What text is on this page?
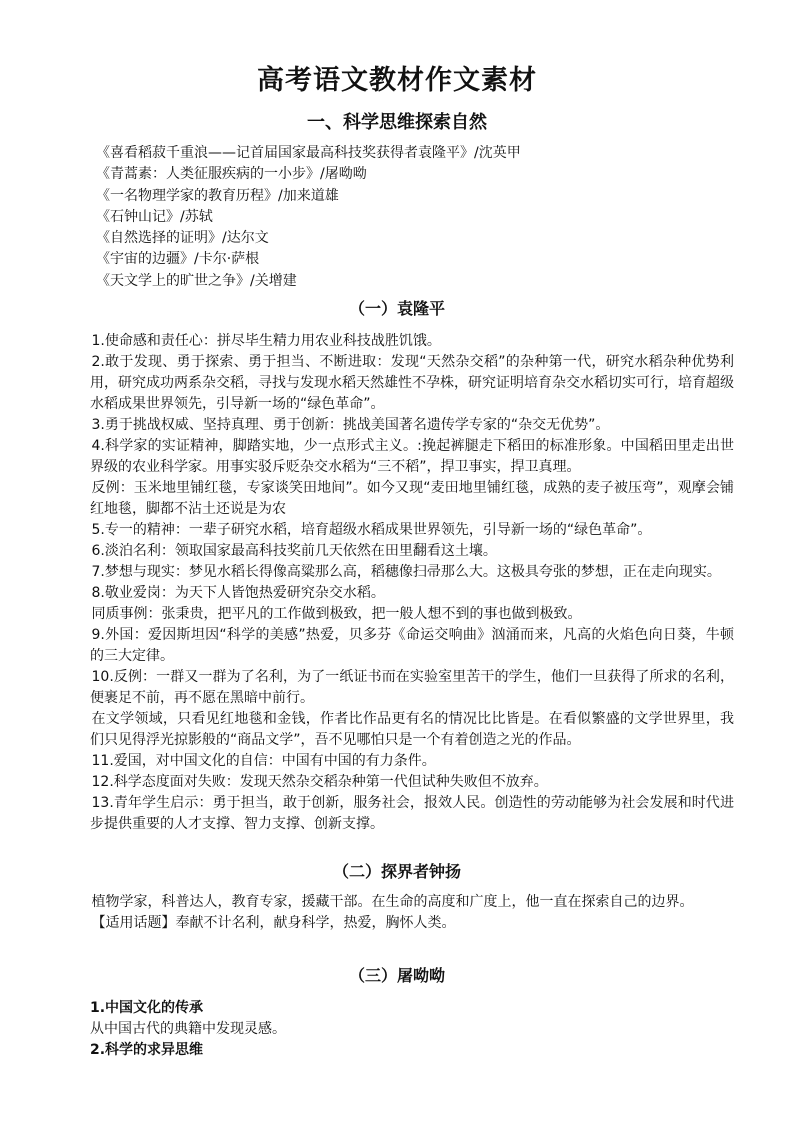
高考语文教材作文素材
一、科学思维探索自然
《喜看稻菽千重浪——记首届国家最高科技奖获得者袁隆平》/沈英甲
《青蒿素：人类征服疾病的一小步》/屠呦呦
《一名物理学家的教育历程》/加来道雄
《石钟山记》/苏轼
《自然选择的证明》/达尔文
《宇宙的边疆》/卡尔·萨根
《天文学上的旷世之争》/关增建
（一）袁隆平

1.使命感和责任心：拼尽毕生精力用农业科技战胜饥饿。

2.敢于发现、勇于探索、勇于担当、不断进取：发现“天然杂交稻”的杂种第一代，研究水稻杂种优势利用，研究成功两系杂交稻，寻找与发现水稻天然雄性不孕株，研究证明培育杂交水稻切实可行，培育超级水稻成果世界领先，引导新一场的“绿色革命”。

3.勇于挑战权威、坚持真理、勇于创新：挑战美国著名遗传学专家的“杂交无优势”。

4.科学家的实证精神，脚踏实地，少一点形式主义。:挽起裤腿走下稻田的标准形象。中国稻田里走出世界级的农业科学家。用事实驳斥贬杂交水稻为“三不稻”，捍卫事实，捍卫真理。

反例：玉米地里铺红毯，专家谈笑田地间”。如今又现“麦田地里铺红毯，成熟的麦子被压弯”，观摩会铺红地毯，脚都不沾土还说是为农

5.专一的精神：一辈子研究水稻，培育超级水稻成果世界领先，引导新一场的“绿色革命”。

6.淡泊名利：领取国家最高科技奖前几天依然在田里翻看这土壤。

7.梦想与现实：梦见水稻长得像高粱那么高，稻穗像扫帚那么大。这极具夸张的梦想，正在走向现实。

8.敬业爱岗：为天下人皆饱热爱研究杂交水稻。

同质事例：张秉贵，把平凡的工作做到极致，把一般人想不到的事也做到极致。

9.外国：爱因斯坦因“科学的美感”热爱，贝多芬《命运交响曲》汹涌而来，凡高的火焰色向日葵，牛顿的三大定律。

10.反例：一群又一群为了名利，为了一纸证书而在实验室里苦干的学生，他们一旦获得了所求的名利，便裹足不前，再不愿在黑暗中前行。

在文学领域，只看见红地毯和金钱，作者比作品更有名的情况比比皆是。在看似繁盛的文学世界里，我们只见得浮光掠影般的“商品文学”，吾不见哪怕只是一个有着创造之光的作品。

11.爱国，对中国文化的自信：中国有中国的有力条件。

12.科学态度面对失败：发现天然杂交稻杂种第一代但试种失败但不放弃。

13.青年学生启示：勇于担当，敢于创新，服务社会，报效人民。创造性的劳动能够为社会发展和时代进步提供重要的人才支撑、智力支撑、创新支撑。

（二）探界者钟扬

植物学家，科普达人，教育专家，援藏干部。在生命的高度和广度上，他一直在探索自己的边界。

【适用话题】奉献不计名利，献身科学，热爱，胸怀人类。

（三）屠呦呦
1.中国文化的传承
从中国古代的典籍中发现灵感。
2.科学的求异思维
